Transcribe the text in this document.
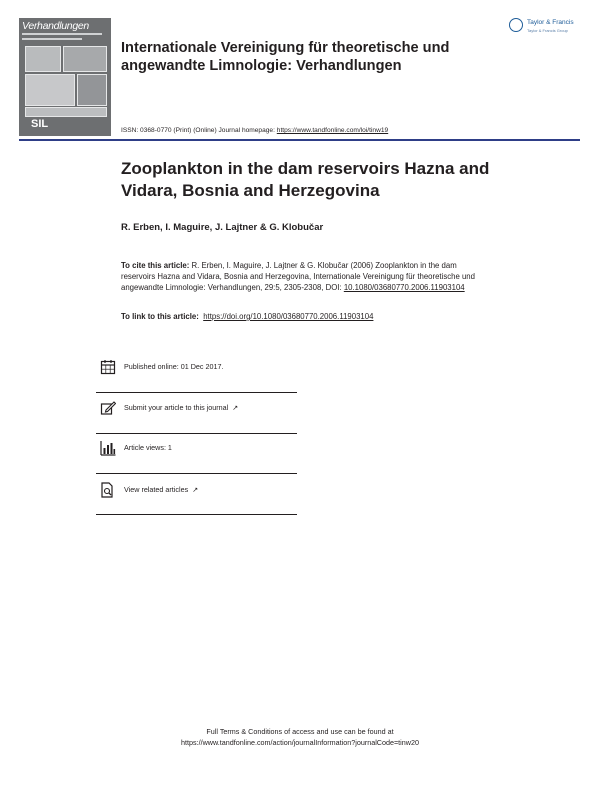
Verhandlungen
SIL
Taylor & Francis
Taylor & Francis Group
Internationale Vereinigung für theoretische und angewandte Limnologie: Verhandlungen
ISSN: 0368-0770 (Print) (Online) Journal homepage: https://www.tandfonline.com/loi/tinw19
Zooplankton in the dam reservoirs Hazna and Vidara, Bosnia and Herzegovina
R. Erben, I. Maguire, J. Lajtner & G. Klobučar
To cite this article: R. Erben, I. Maguire, J. Lajtner & G. Klobučar (2006) Zooplankton in the dam reservoirs Hazna and Vidara, Bosnia and Herzegovina, Internationale Vereinigung für theoretische und angewandte Limnologie: Verhandlungen, 29:5, 2305-2308, DOI: 10.1080/03680770.2006.11903104
To link to this article: https://doi.org/10.1080/03680770.2006.11903104
Published online: 01 Dec 2017.
Submit your article to this journal ↗
Article views: 1
View related articles ↗
Full Terms & Conditions of access and use can be found at
https://www.tandfonline.com/action/journalInformation?journalCode=tinw20
